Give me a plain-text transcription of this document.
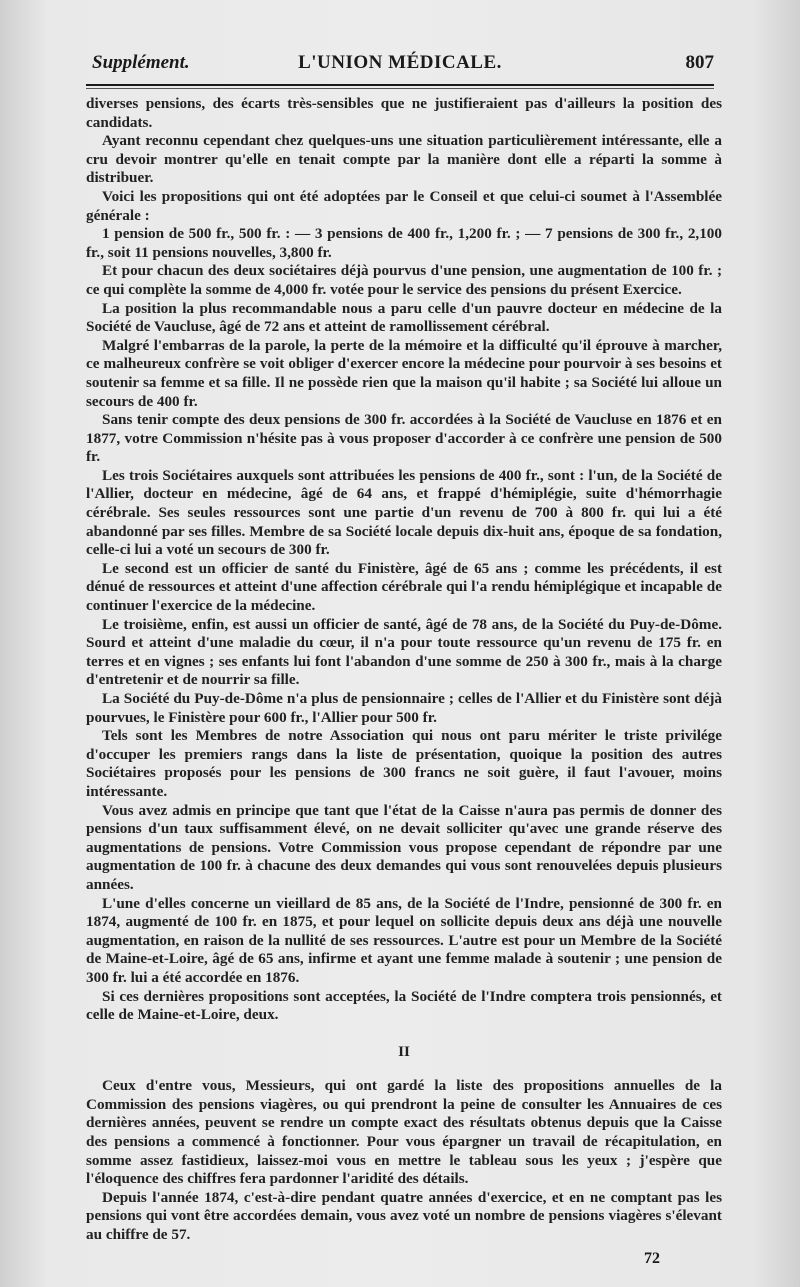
Supplément.	L'UNION MÉDICALE.	807

diverses pensions, des écarts très-sensibles que ne justifieraient pas d'ailleurs la position des candidats.

Ayant reconnu cependant chez quelques-uns une situation particulièrement intéressante, elle a cru devoir montrer qu'elle en tenait compte par la manière dont elle a réparti la somme à distribuer.

Voici les propositions qui ont été adoptées par le Conseil et que celui-ci soumet à l'Assemblée générale :

1 pension de 500 fr., 500 fr. : — 3 pensions de 400 fr., 1,200 fr. ; — 7 pensions de 300 fr., 2,100 fr., soit 11 pensions nouvelles, 3,800 fr.

Et pour chacun des deux sociétaires déjà pourvus d'une pension, une augmentation de 100 fr. ; ce qui complète la somme de 4,000 fr. votée pour le service des pensions du présent Exercice.

La position la plus recommandable nous a paru celle d'un pauvre docteur en médecine de la Société de Vaucluse, âgé de 72 ans et atteint de ramollissement cérébral.

Malgré l'embarras de la parole, la perte de la mémoire et la difficulté qu'il éprouve à marcher, ce malheureux confrère se voit obliger d'exercer encore la médecine pour pourvoir à ses besoins et soutenir sa femme et sa fille. Il ne possède rien que la maison qu'il habite ; sa Société lui alloue un secours de 400 fr.

Sans tenir compte des deux pensions de 300 fr. accordées à la Société de Vaucluse en 1876 et en 1877, votre Commission n'hésite pas à vous proposer d'accorder à ce confrère une pension de 500 fr.

Les trois Sociétaires auxquels sont attribuées les pensions de 400 fr., sont : l'un, de la Société de l'Allier, docteur en médecine, âgé de 64 ans, et frappé d'hémiplégie, suite d'hémorrhagie cérébrale. Ses seules ressources sont une partie d'un revenu de 700 à 800 fr. qui lui a été abandonné par ses filles. Membre de sa Société locale depuis dix-huit ans, époque de sa fondation, celle-ci lui a voté un secours de 300 fr.

Le second est un officier de santé du Finistère, âgé de 65 ans ; comme les précédents, il est dénué de ressources et atteint d'une affection cérébrale qui l'a rendu hémiplégique et incapable de continuer l'exercice de la médecine.

Le troisième, enfin, est aussi un officier de santé, âgé de 78 ans, de la Société du Puy-de-Dôme. Sourd et atteint d'une maladie du cœur, il n'a pour toute ressource qu'un revenu de 175 fr. en terres et en vignes ; ses enfants lui font l'abandon d'une somme de 250 à 300 fr., mais à la charge d'entretenir et de nourrir sa fille.

La Société du Puy-de-Dôme n'a plus de pensionnaire ; celles de l'Allier et du Finistère sont déjà pourvues, le Finistère pour 600 fr., l'Allier pour 500 fr.

Tels sont les Membres de notre Association qui nous ont paru mériter le triste privilége d'occuper les premiers rangs dans la liste de présentation, quoique la position des autres Sociétaires proposés pour les pensions de 300 francs ne soit guère, il faut l'avouer, moins intéressante.

Vous avez admis en principe que tant que l'état de la Caisse n'aura pas permis de donner des pensions d'un taux suffisamment élevé, on ne devait solliciter qu'avec une grande réserve des augmentations de pensions. Votre Commission vous propose cependant de répondre par une augmentation de 100 fr. à chacune des deux demandes qui vous sont renouvelées depuis plusieurs années.

L'une d'elles concerne un vieillard de 85 ans, de la Société de l'Indre, pensionné de 300 fr. en 1874, augmenté de 100 fr. en 1875, et pour lequel on sollicite depuis deux ans déjà une nouvelle augmentation, en raison de la nullité de ses ressources. L'autre est pour un Membre de la Société de Maine-et-Loire, âgé de 65 ans, infirme et ayant une femme malade à soutenir ; une pension de 300 fr. lui a été accordée en 1876.

Si ces dernières propositions sont acceptées, la Société de l'Indre comptera trois pensionnés, et celle de Maine-et-Loire, deux.

II

Ceux d'entre vous, Messieurs, qui ont gardé la liste des propositions annuelles de la Commission des pensions viagères, ou qui prendront la peine de consulter les Annuaires de ces dernières années, peuvent se rendre un compte exact des résultats obtenus depuis que la Caisse des pensions a commencé à fonctionner. Pour vous épargner un travail de récapitulation, en somme assez fastidieux, laissez-moi vous en mettre le tableau sous les yeux ; j'espère que l'éloquence des chiffres fera pardonner l'aridité des détails.

Depuis l'année 1874, c'est-à-dire pendant quatre années d'exercice, et en ne comptant pas les pensions qui vont être accordées demain, vous avez voté un nombre de pensions viagères s'élevant au chiffre de 57.

72
